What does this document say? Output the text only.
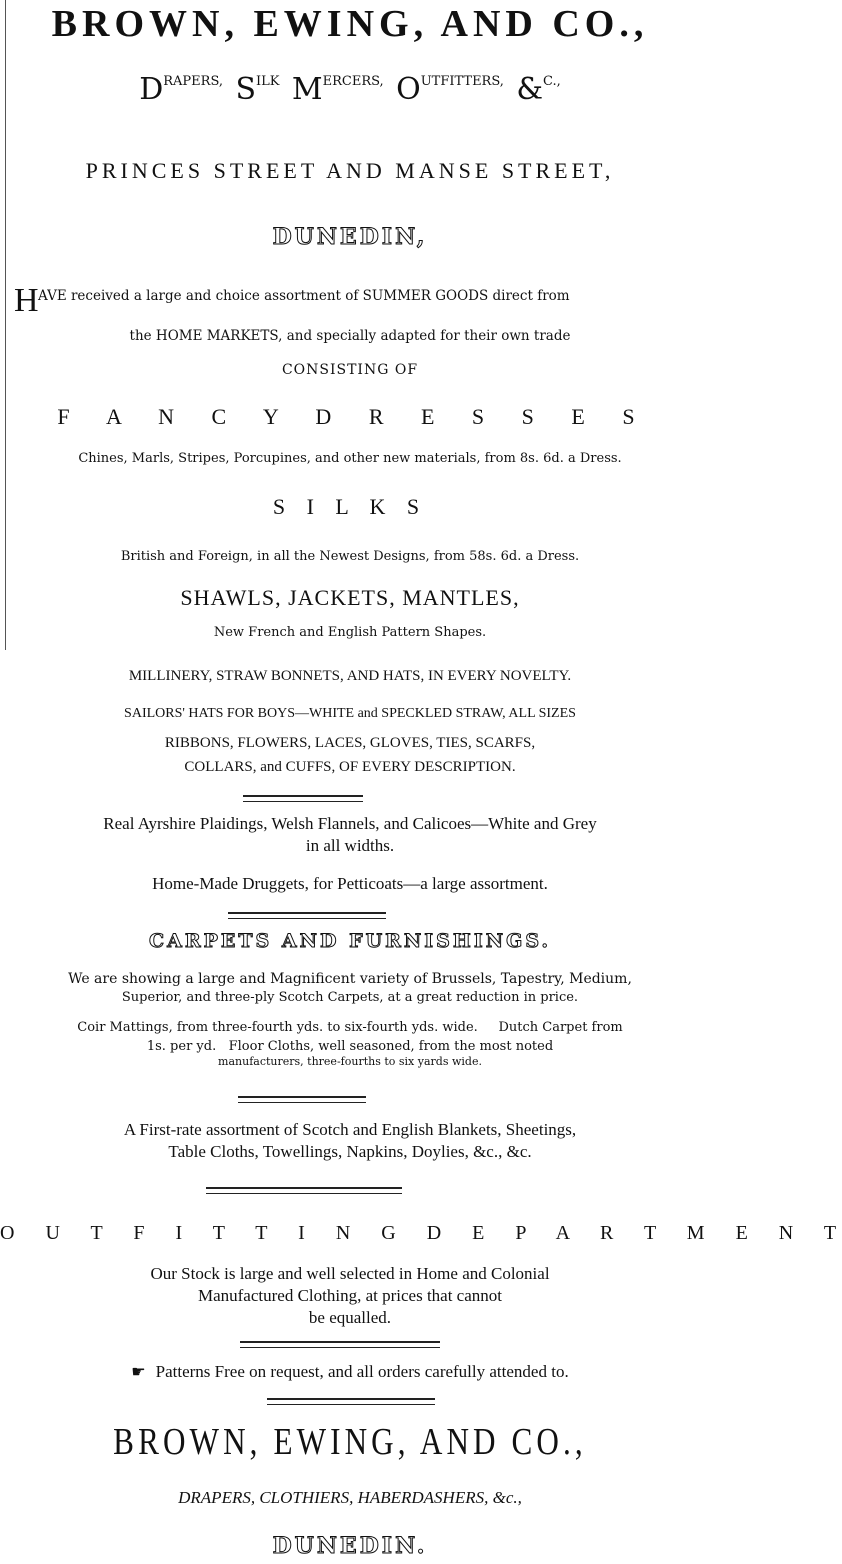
BROWN, EWING, AND CO.,
DRAPERS, SILK MERCERS, OUTFITTERS, &C.,
PRINCES STREET AND MANSE STREET,
DUNEDIN,
H AVE received a large and choice assortment of SUMMER GOODS direct from
the HOME MARKETS, and specially adapted for their own trade
CONSISTING OF
F A N C Y D R E S S E S
Chines, Marls, Stripes, Porcupines, and other new materials, from 8s. 6d. a Dress.
S I L K S
British and Foreign, in all the Newest Designs, from 58s. 6d. a Dress.
SHAWLS, JACKETS, MANTLES,
New French and English Pattern Shapes.
MILLINERY, STRAW BONNETS, AND HATS, IN EVERY NOVELTY.
SAILORS' HATS FOR BOYS—WHITE and SPECKLED STRAW, ALL SIZES
RIBBONS, FLOWERS, LACES, GLOVES, TIES, SCARFS,
COLLARS, and CUFFS, OF EVERY DESCRIPTION.
Real Ayrshire Plaidings, Welsh Flannels, and Calicoes—White and Grey
in all widths.
Home-Made Druggets, for Petticoats—a large assortment.
CARPETS AND FURNISHINGS.
We are showing a large and Magnificent variety of Brussels, Tapestry, Medium,
Superior, and three-ply Scotch Carpets, at a great reduction in price.
Coir Mattings, from three-fourth yds. to six-fourth yds. wide.     Dutch Carpet from
1s. per yd.   Floor Cloths, well seasoned, from the most noted
manufacturers, three-fourths to six yards wide.
A First-rate assortment of Scotch and English Blankets, Sheetings,
Table Cloths, Towellings, Napkins, Doylies, &c., &c.
O U T F I T T I N G D E P A R T M E N T
Our Stock is large and well selected in Home and Colonial
Manufactured Clothing, at prices that cannot
be equalled.
☛ Patterns Free on request, and all orders carefully attended to.
BROWN, EWING, AND CO.,
DRAPERS, CLOTHIERS, HABERDASHERS, &c.,
DUNEDIN.
